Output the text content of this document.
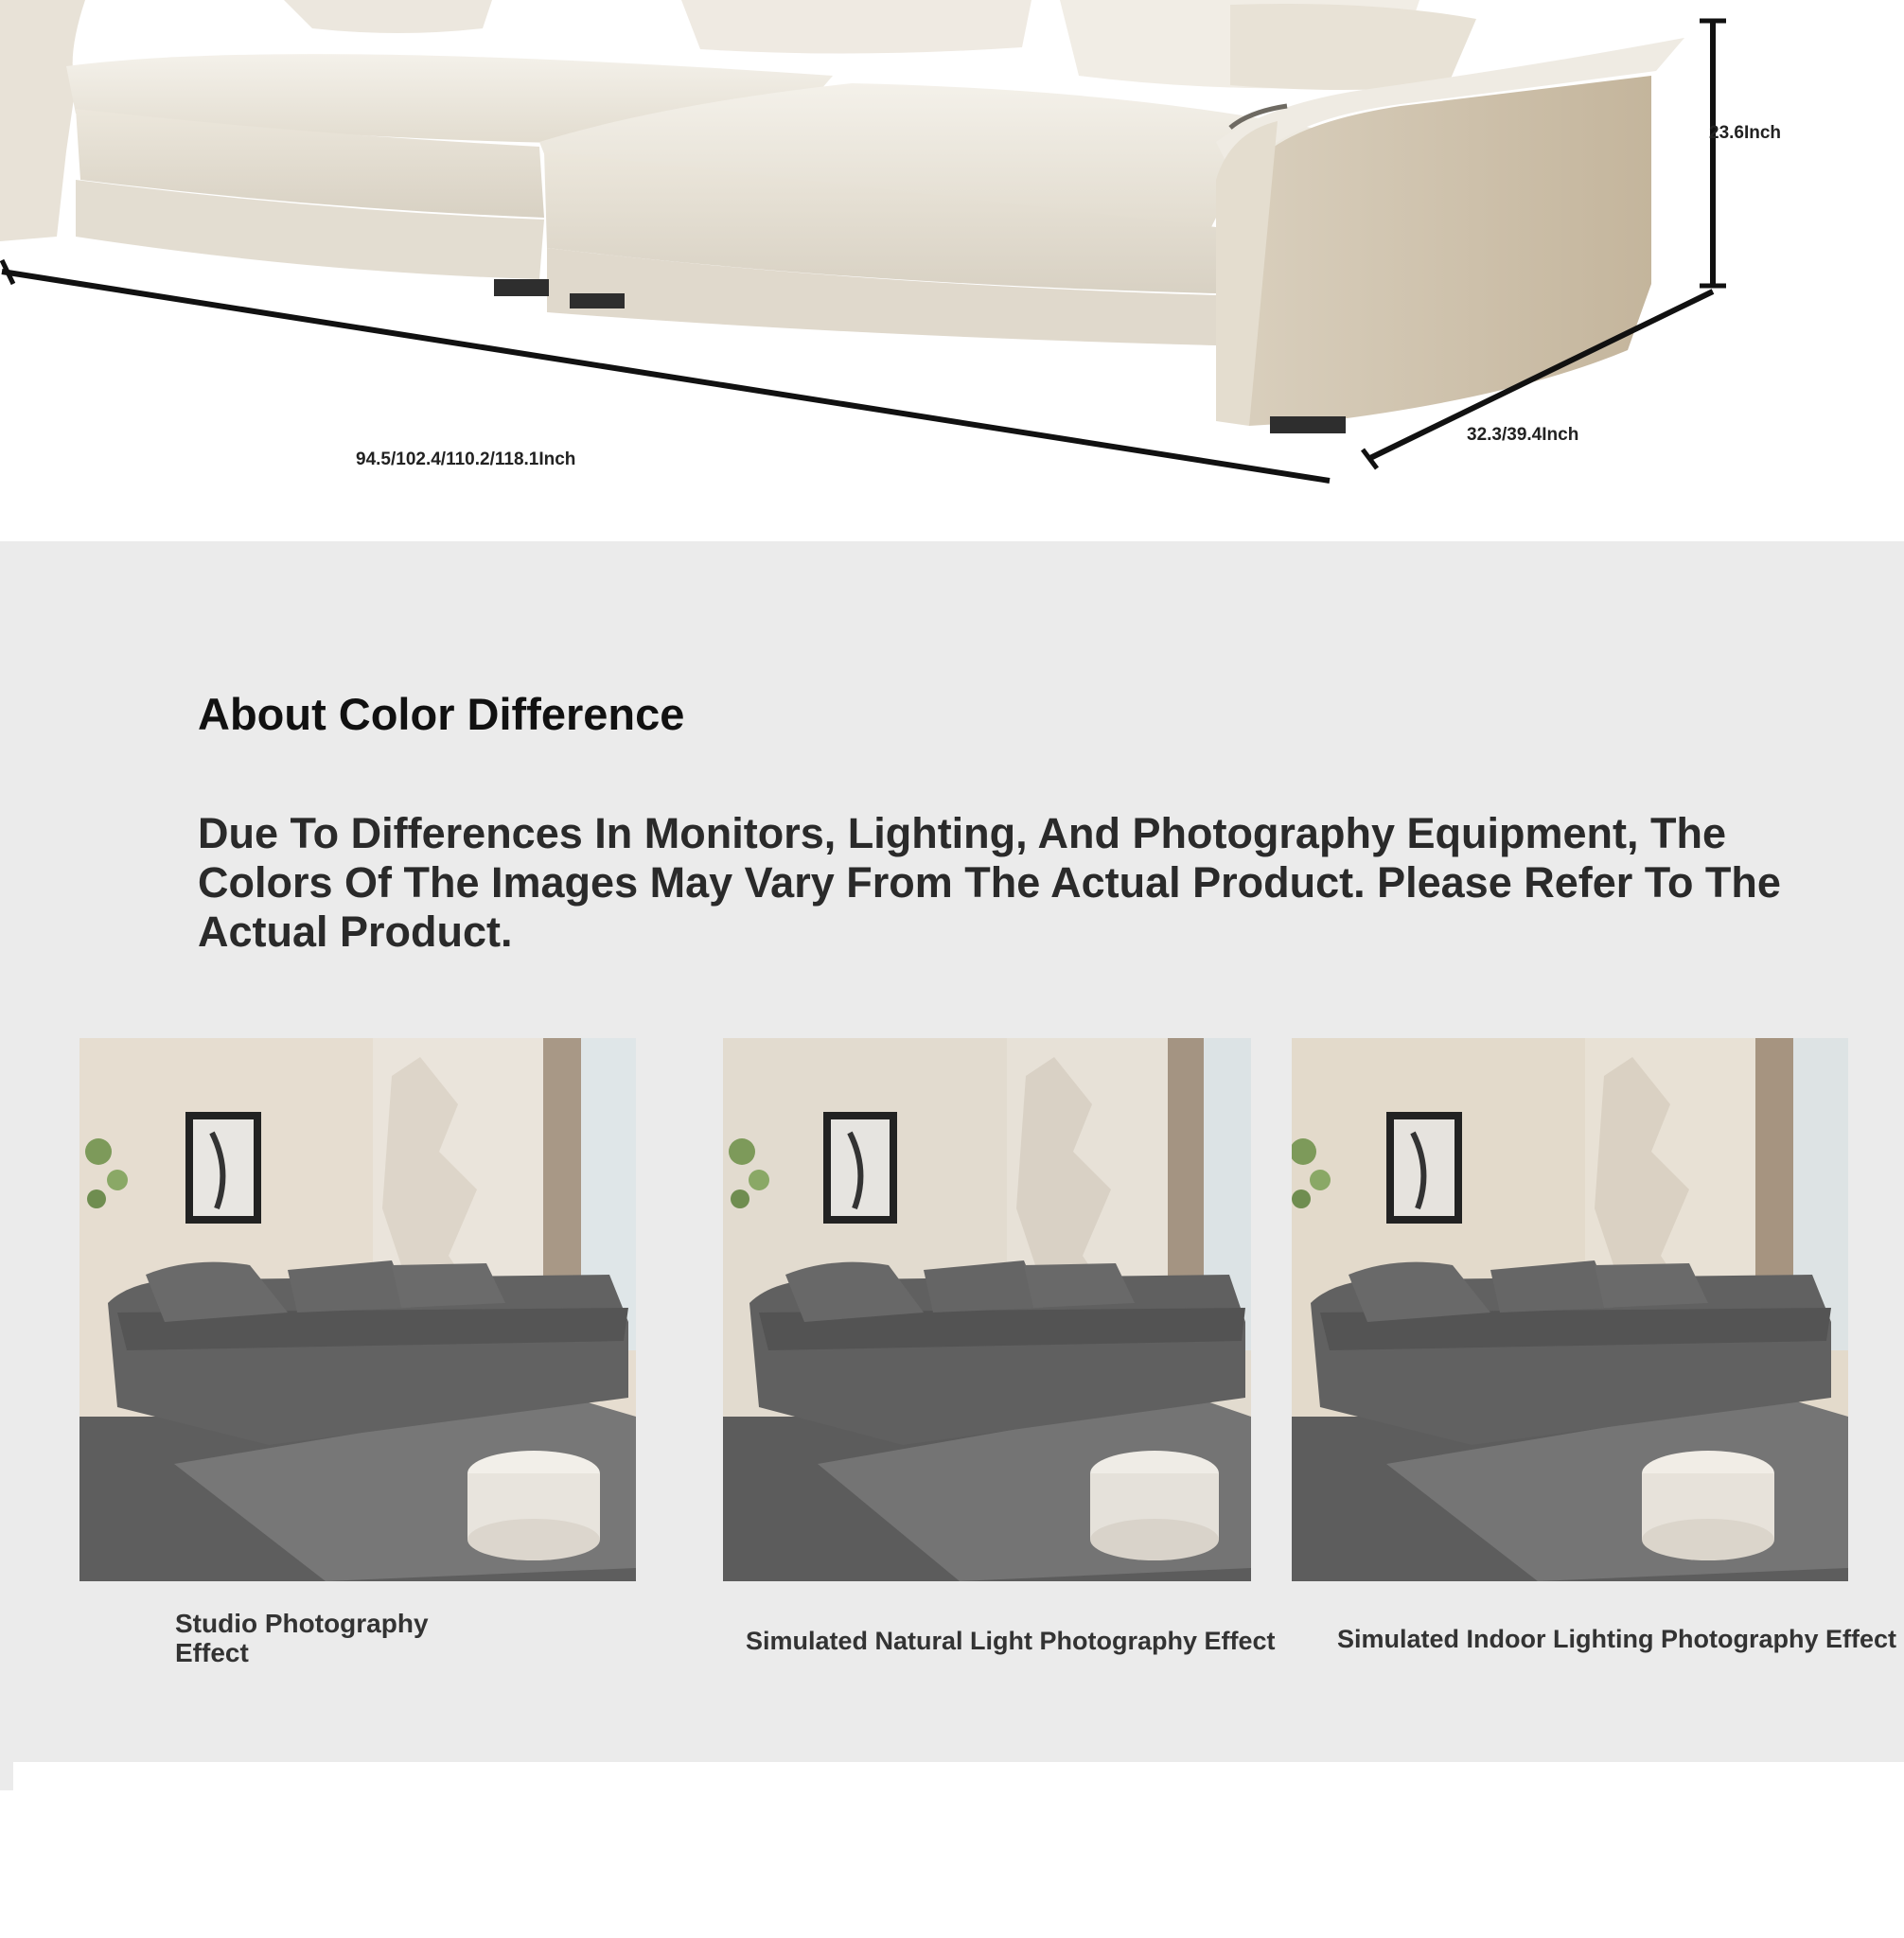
94.5/102.4/110.2/118.1Inch
23.6Inch
32.3/39.4Inch
About Color Difference
Due To Differences In Monitors, Lighting, And Photography Equipment, The Colors Of The Images May Vary From The Actual Product. Please Refer To The Actual Product.
Studio Photography Effect	Simulated Natural Light Photography Effect Simulated Indoor Lighting Photography Effect
